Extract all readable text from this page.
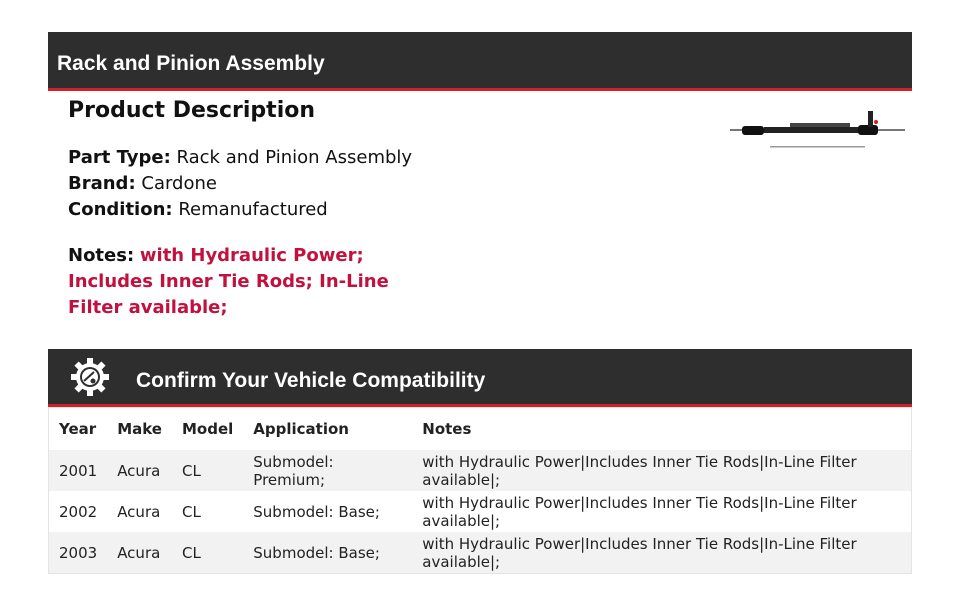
Rack and Pinion Assembly
Product Description
Part Type: Rack and Pinion Assembly
Brand: Cardone
Condition: Remanufactured
Notes: with Hydraulic Power; Includes Inner Tie Rods; In-Line Filter available;
Confirm Your Vehicle Compatibility
Year	Make	Model	Application	Notes
2001	Acura	CL	Submodel: Premium;	with Hydraulic Power|Includes Inner Tie Rods|In-Line Filter available|;
2002	Acura	CL	Submodel: Base;	with Hydraulic Power|Includes Inner Tie Rods|In-Line Filter available|;
2003	Acura	CL	Submodel: Base;	with Hydraulic Power|Includes Inner Tie Rods|In-Line Filter available|;
